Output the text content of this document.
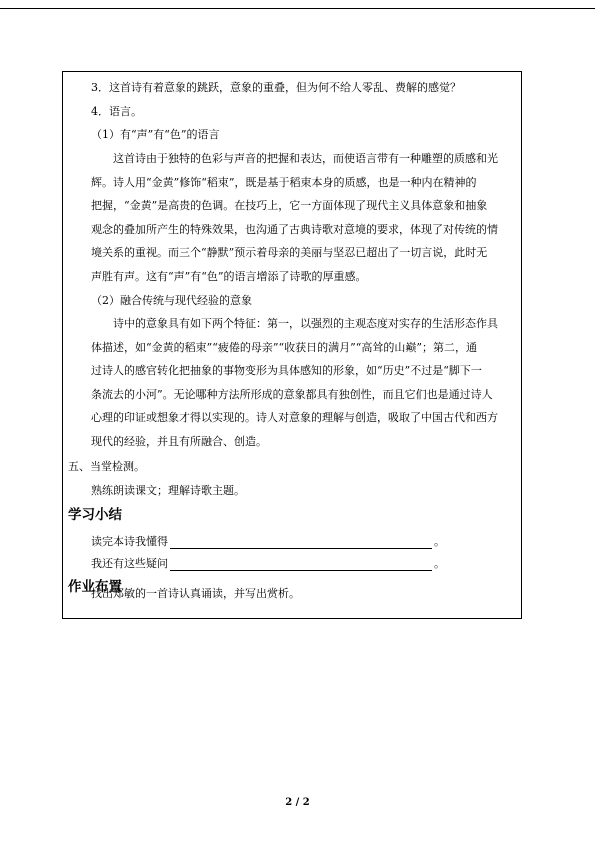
3．这首诗有着意象的跳跃，意象的重叠，但为何不给人零乱、费解的感觉？

4．语言。

（1）有“声”有“色”的语言

这首诗由于独特的色彩与声音的把握和表达，而使语言带有一种雕塑的质感和光
辉。诗人用“金黄”修饰“稻束”，既是基于稻束本身的质感，也是一种内在精神的
把握，“金黄”是高贵的色调。在技巧上，它一方面体现了现代主义具体意象和抽象
观念的叠加所产生的特殊效果，也沟通了古典诗歌对意境的要求，体现了对传统的情
境关系的重视。而三个“静默”预示着母亲的美丽与坚忍已超出了一切言说，此时无
声胜有声。这有“声”有“色”的语言增添了诗歌的厚重感。

（2）融合传统与现代经验的意象

诗中的意象具有如下两个特征：第一，以强烈的主观态度对实存的生活形态作具
体描述，如“金黄的稻束”“疲倦的母亲”“收获日的满月”“高耸的山巅”；第二，通
过诗人的感官转化把抽象的事物变形为具体感知的形象，如“历史”不过是“脚下一
条流去的小河”。无论哪种方法所形成的意象都具有独创性，而且它们也是通过诗人
心理的印证或想象才得以实现的。诗人对意象的理解与创造，吸取了中国古代和西方
现代的经验，并且有所融合、创造。

五、当堂检测。

熟练朗读课文；理解诗歌主题。

学习小结
读完本诗我懂得	。
我还有这些疑问	。
作业布置

找出郑敏的一首诗认真诵读，并写出赏析。

2 / 2
